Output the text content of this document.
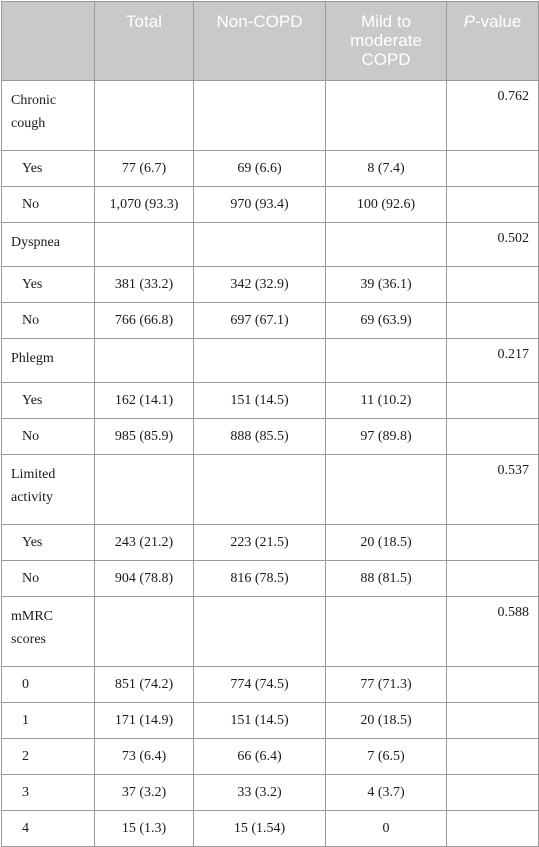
	Total	Non-COPD	Mild to
moderate
COPD	P-value
Chronic
cough				0.762
Yes	77 (6.7)	69 (6.6)	8 (7.4)	
No	1,070 (93.3)	970 (93.4)	100 (92.6)	
Dyspnea				0.502
Yes	381 (33.2)	342 (32.9)	39 (36.1)	
No	766 (66.8)	697 (67.1)	69 (63.9)	
Phlegm				0.217
Yes	162 (14.1)	151 (14.5)	11 (10.2)	
No	985 (85.9)	888 (85.5)	97 (89.8)	
Limited
activity				0.537
Yes	243 (21.2)	223 (21.5)	20 (18.5)	
No	904 (78.8)	816 (78.5)	88 (81.5)	
mMRC
scores				0.588
0	851 (74.2)	774 (74.5)	77 (71.3)	
1	171 (14.9)	151 (14.5)	20 (18.5)	
2	73 (6.4)	66 (6.4)	7 (6.5)	
3	37 (3.2)	33 (3.2)	4 (3.7)	
4	15 (1.3)	15 (1.54)	0	
